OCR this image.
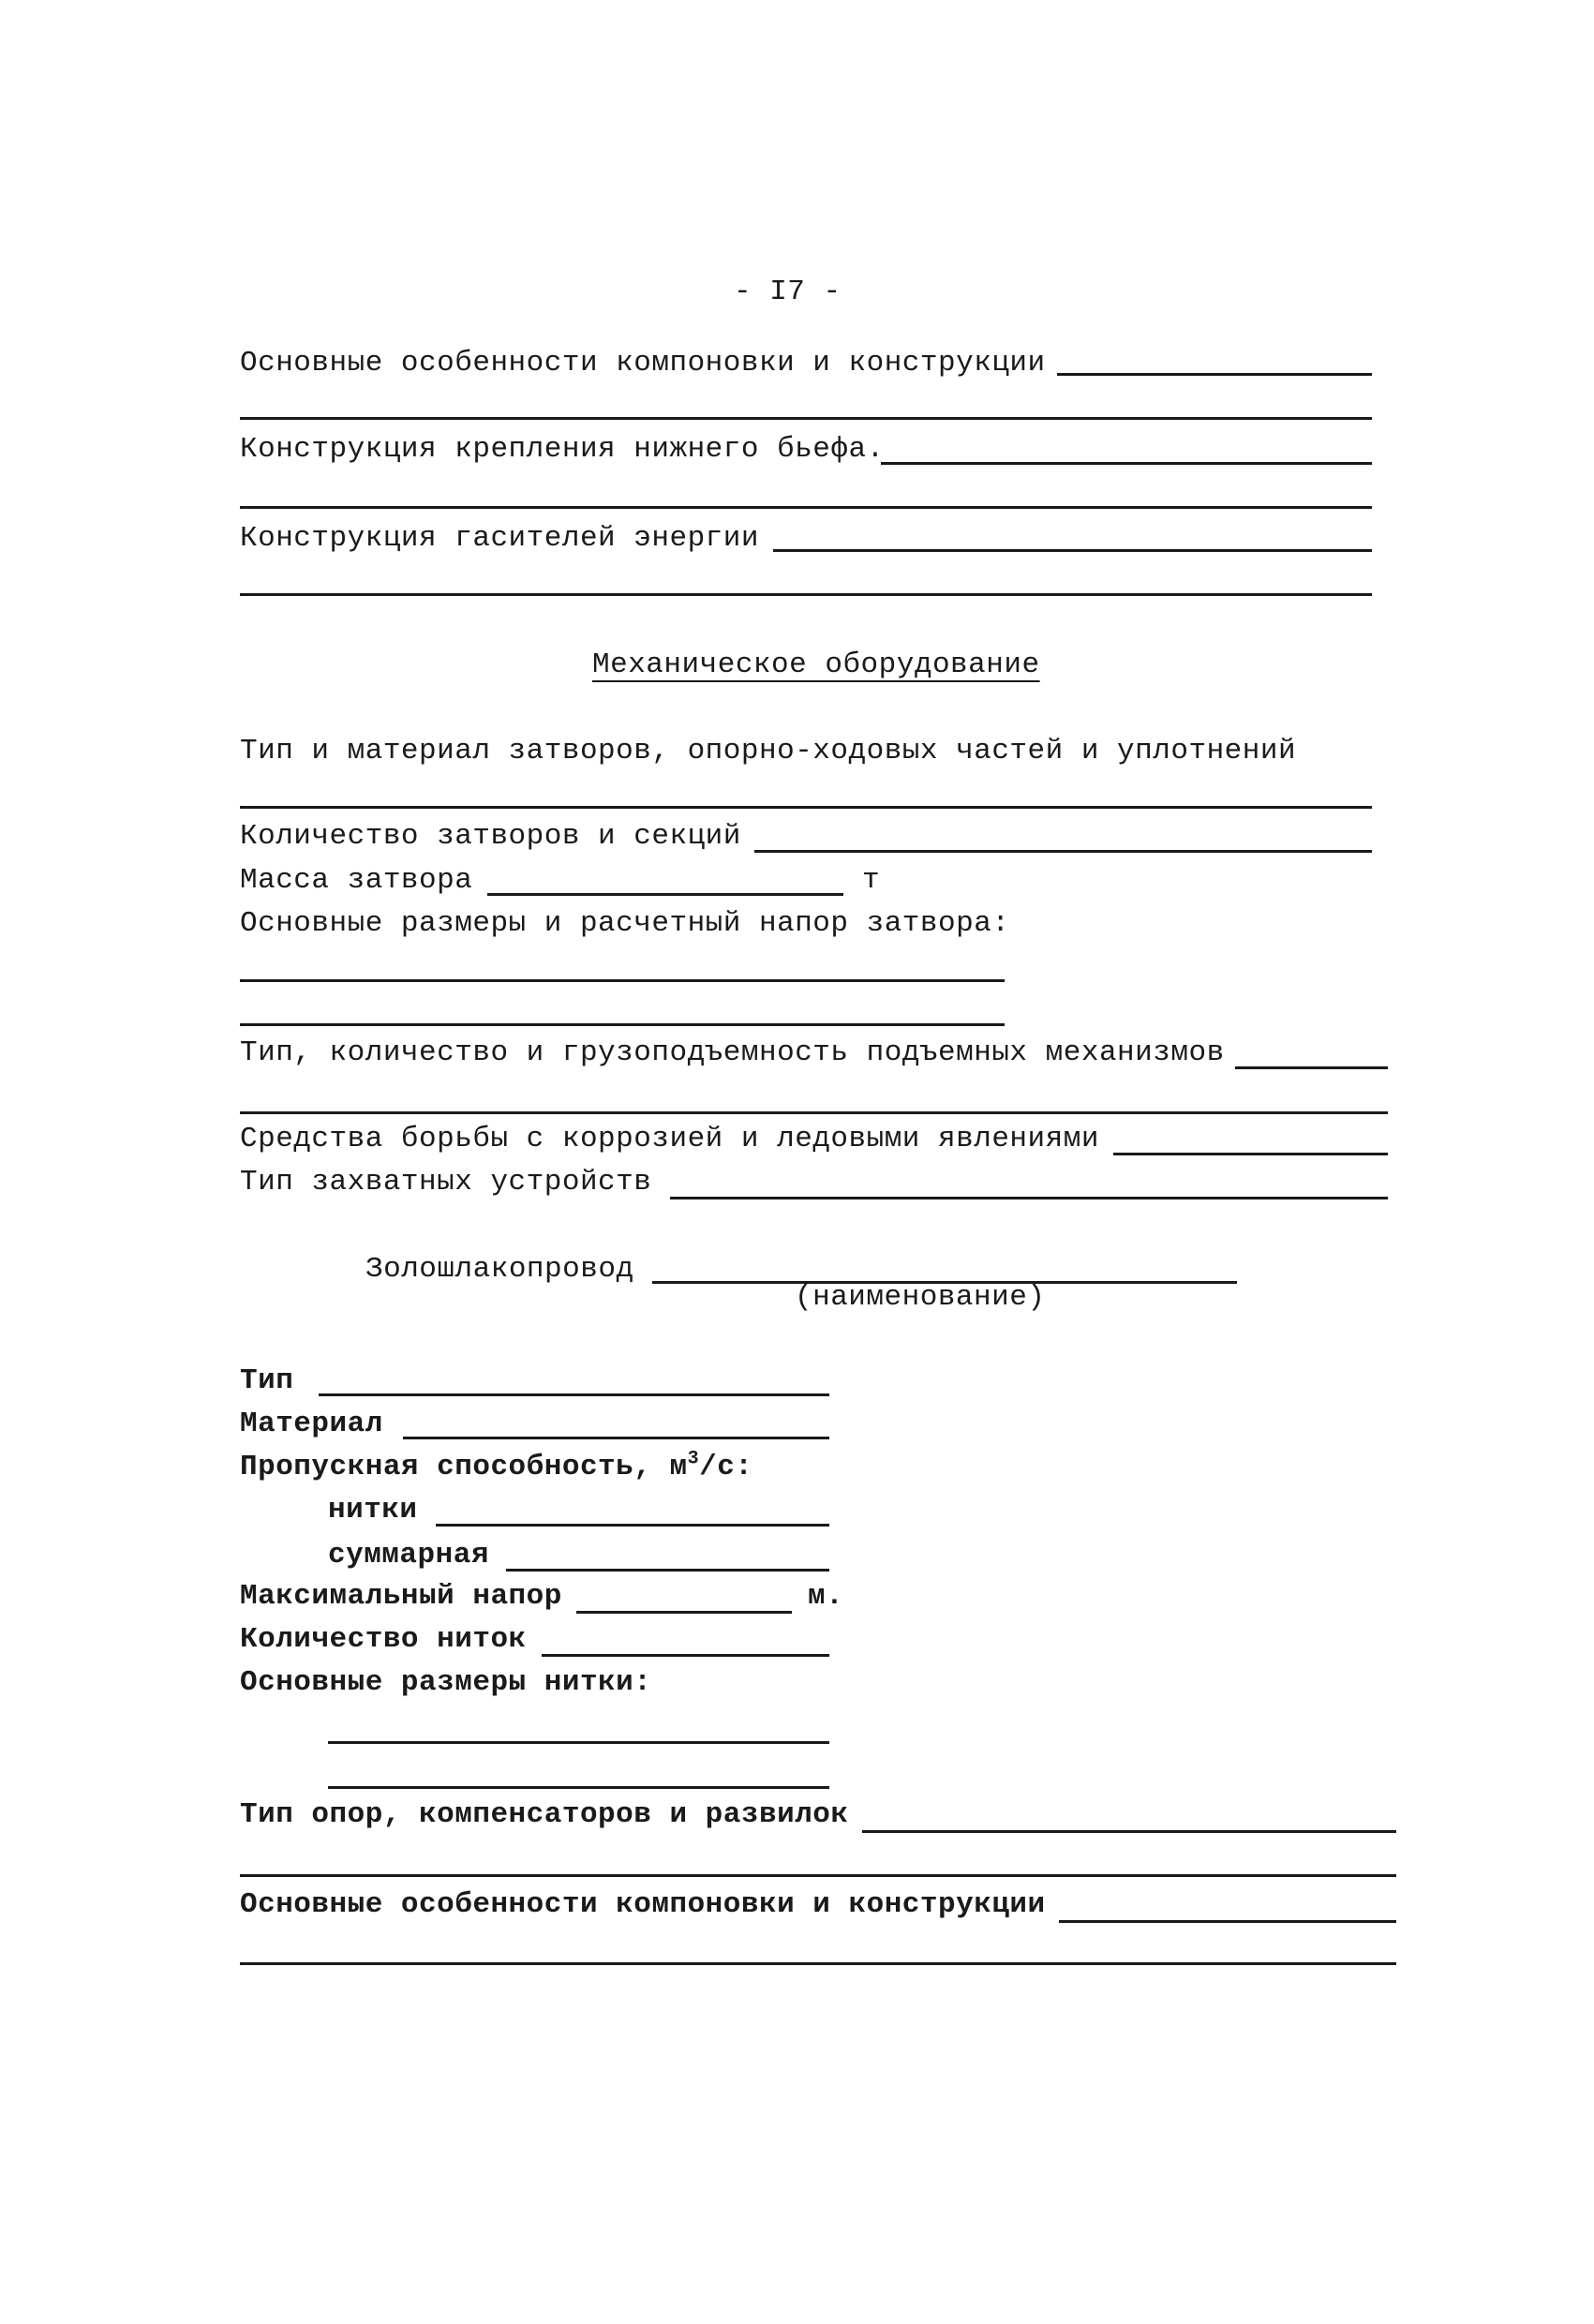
- I7 -
Основные особенности компоновки и конструкции
Конструкция крепления нижнего бьефа.
Конструкция гасителей энергии
Механическое оборудование
Тип и материал затворов, опорно-ходовых частей и уплотнений
Количество затворов и секций
Масса затвора	т
Основные размеры и расчетный напор затвора:
Тип, количество и грузоподъемность подъемных механизмов
Средства борьбы с коррозией и ледовыми явлениями
Тип захватных устройств
Золошлакопровод
(наименование)
Тип
Материал
Пропускная способность, $м^3/с$:
нитки
суммарная
Максимальный напор	м.
Количество ниток
Основные размеры нитки:
Тип опор, компенсаторов и развилок
Основные особенности компоновки и конструкции
